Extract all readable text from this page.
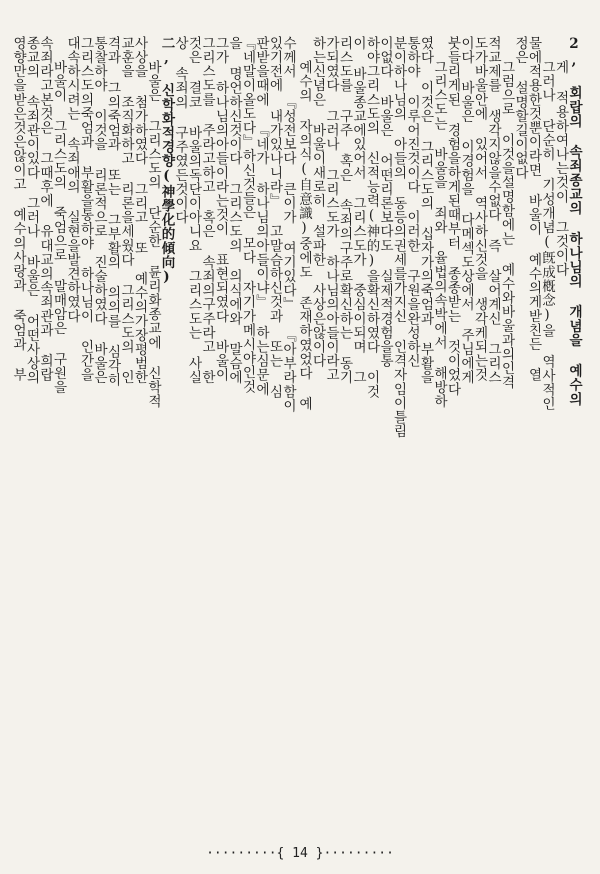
2, 회랍의 속죄종교의 하나님의 개념을 예수의
게 적용하여나는것이 그것이다
그러나 단순히 기성개념(旣成槪念)을 역사적인
물에적용한것뿐이라면 바울이 예수의게받친든 열
정은 설명할길이없다
그럼으로 이것을설명함에는 예수와바울과의인격
적교제를 생각지않을수없다 즉 살어계신 그리스
도가바울안에 있어서 역사하신것을 생각케되는것
이다 바울은 이경험을 다메섹도상에서 주님에게
붓들리게된 경험을하게된때부터 종종받는 것이었다
그리스도는 바울을 죄와 율법의속박에서 해방하
였다 이것은 그리스도의 십자가의죽엄과 부활을
통하야 이루어진것이다 이러한 구원을완성하신
분이하나님의 아들의 동등의권세를가지신 인격자임이틀림
이없다 바울은 어떤리론보다도 실제적경험을통
하야그리스도의 신적능력(神的)을확신하였다 이것
이 바울종교에있어서 그리스도가 중심이되며 그
리스도를 구주 혹은 속죄의구주로확신하는 동기
가되였다 그러나 그리스도가 하나님의아들이라고
하는신념은 바울이새로히 설파한 사상은않이다
예수의 자의식(自意識)중에도 존재하였었다 예
수께서 『성전보다 큰이가 여기있다』 『아부라함이
있기전에 내가있나니라』 고말슴하신것과 또는 심
판받을때에 『네가 하나님의아들이냐』 하는심문에
『네말이올도다』하신것들은 모다 자기가메시야인것
을 명언하신것이다 그리스도의 의식에와 말슴에
그가 하나님의아들이라는것이 표현되였다 바울이
그리스도를 주라고하고 혹은 속죄의구주라고 한
것은 결코 바울의독단이아니요 그리스도는 사실
상 속죄의 구주였든것이다
二, 신학화적경향(神學化的傾向)
바울은 그리스도의 단순한 륜리화종교에 신학적
사상을 첨가하였다 그리고 또 예수의가장평범한
교훈을 조직화하고 리론을세웠다 그리스도의 인
격과 그의죽엄과 또는 그부활의 의의를 심각히
통찰하야 이것을 리론적으로 진술하였다 바울은
그리스도의죽엄과 부활을통하야 하나님이 인간을
대속하시려는 속죄애의 실현을발견하였다
바울이 그리스도의 죽엄으로 말매암은 구원을
속죄라고본것은 그때후에 유대교의속죄관과 희랍
종교의 속죄관이있다 그러나 바울은 어떤사상의
영향만을받은것은않이고 예수의사랑과 죽엄과 부
·········{ 14 }·········
